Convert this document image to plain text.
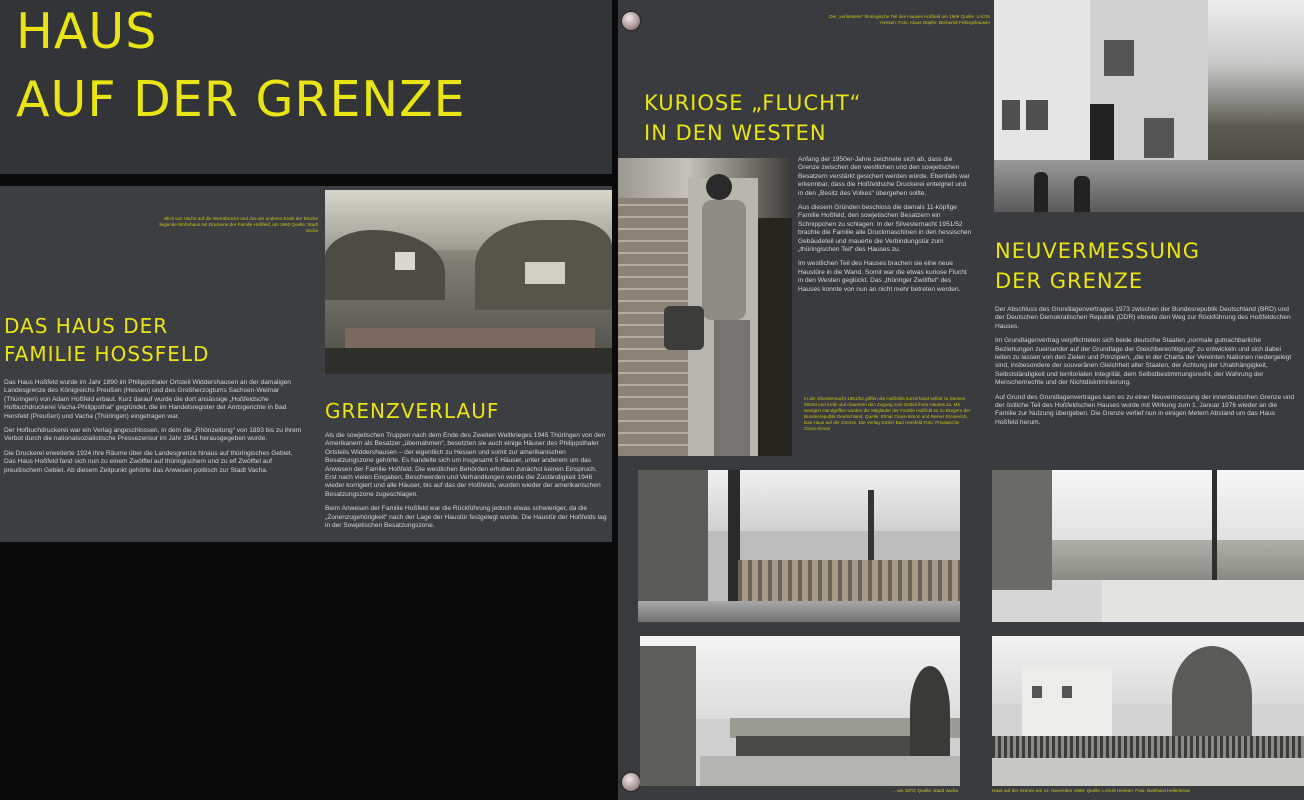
HAUS
AUF DER GRENZE
Blick von Vacha auf die Werrabrücke und das am anderen Ende der Brücke liegende Wohnhaus mit Druckerei der Familie Hoßfeld, um 1960 Quelle: Stadt Vacha
DAS HAUS DER
FAMILIE HOSSFELD

Das Haus Hoßfeld wurde im Jahr 1890 im Philippsthaler Ortsteil Widdershausen an der damaligen Landesgrenze des Königreichs Preußen (Hessen) und des Großherzogtums Sachsen-Weimar (Thüringen) von Adam Hoßfeld erbaut. Kurz darauf wurde die dort ansässige „Hoßfeldsche Hofbuchdruckerei Vacha-Philippsthal“ gegründet, die im Handelsregister der Amtsgerichte in Bad Hersfeld (Preußen) und Vacha (Thüringen) eingetragen war.

Der Hofbuchdruckerei war ein Verlag angeschlossen, in dem die „Rhönzeitung“ von 1893 bis zu ihrem Verbot durch die nationalsozialistische Pressezensur im Jahr 1941 herausgegeben wurde.

Die Druckerei erweiterte 1924 ihre Räume über die Landesgrenze hinaus auf thüringisches Gebiet. Das Haus Hoßfeld fand sich nun zu einem Zwölftel auf thüringischem und zu elf Zwölftel auf preußischem Gebiet. Ab diesem Zeitpunkt gehörte das Anwesen politisch zur Stadt Vacha.

GRENZVERLAUF

Als die sowjetischen Truppen nach dem Ende des Zweiten Weltkrieges 1945 Thüringen von den Amerikanern als Besatzer „übernahmen“, besetzten sie auch einige Häuser des Philippsthaler Ortsteils Widdershausen – der eigentlich zu Hessen und somit zur amerikanischen Besatzungszone gehörte. Es handelte sich um insgesamt 5 Häuser, unter anderem um das Anwesen der Familie Hoßfeld. Die westlichen Behörden erhoben zunächst keinen Einspruch. Erst nach vielen Eingaben, Beschwerden und Verhandlungen wurde die Zuständigkeit 1946 wieder korrigiert und alle Häuser, bis auf das der Hoßfelds, wurden wieder der amerikanischen Besatzungszone zugeschlagen.

Beim Anwesen der Familie Hoßfeld war die Rückführung jedoch etwas schwieriger, da die „Zonenzugehörigkeit“ nach der Lage der Haustür festgelegt wurde. Die Haustür der Hoßfelds lag in der Sowjetischen Besatzungszone.

Der „verlassene“ thüringische Teil des Hauses Hoßfeld um 1969 Quelle: LAGIS Hessen; Foto: Klaus Düpfer, Bürbertal-Fellingshausen
KURIOSE „FLUCHT“
IN DEN WESTEN

Anfang der 1950er-Jahre zeichnete sich ab, dass die Grenze zwischen den westlichen und den sowjetischen Besatzern verstärkt gesichert werden würde. Ebenfalls war erkennbar, dass die Hoßfeldsche Druckerei enteignet und in den „Besitz des Volkes“ übergehen sollte.

Aus diesem Gründen beschloss die damals 11-köpfige Familie Hoßfeld, den sowjetischen Besatzern ein Schnippchen zu schlagen: In der Silvesternacht 1951/52 brachte die Familie alle Druckmaschinen in den hessischen Gebäudeteil und mauerte die Verbindungstür zum „thüringischen Teil“ des Hauses zu.

Im westlichen Teil des Hauses brachen sie eine neue Haustüre in die Wand. Somit war die etwas kuriose Flucht in den Westen geglückt. Das „thüringer Zwölftel“ des Hauses konnte von nun an nicht mehr betreten werden.

In der Silvesternacht 1951/52 griffen die Hoßfelds kurzerhand selbst zu Steinen, Mörtel und Kelle und mauerten den Zugang zum Ostteil ihres Hauses zu. Mit wenigen Handgriffen wurden die Mitglieder der Familie Hoßfeld so zu Bürgern der Bundesrepublik Deutschland. Quelle: Elmar Cloos-Simon und Reiner Ernmerich, Das Haus auf der Grenze, Die Verlag GmbH Bad Hersfeld Foto: Privatarchiv Cloos-Simon
NEUVERMESSUNG
DER GRENZE

Der Abschluss des Grundlagenvertrages 1973 zwischen der Bundesrepublik Deutschland (BRD) und der Deutschen Demokratischen Republik (DDR) ebnete den Weg zur Rückführung des Hoßfeldschen Hauses.

Im Grundlagenvertrag verpflichteten sich beide deutsche Staaten „normale gutnachbarliche Beziehungen zueinander auf der Grundlage der Gleichberechtigung“ zu entwickeln und sich dabei leiten zu lassen von den Zielen und Prinzipien, „die in der Charta der Vereinten Nationen niedergelegt sind, insbesondere der souveränen Gleichheit aller Staaten, der Achtung der Unabhängigkeit, Selbstständigkeit und territorialen Integrität, dem Selbstbestimmungsrecht, der Wahrung der Menschenrechte und der Nichtdiskriminierung.

Auf Grund des Grundlagenvertrages kam es zu einer Neuvermessung der innerdeutschen Grenze und der östliche Teil des Hoßfeldschen Hauses wurde mit Wirkung zum 1. Januar 1976 wieder an die Familie zur Nutzung übergeben. Die Grenze verlief nun in einigen Metern Abstand um das Haus Hoßfeld herum.

... um 1970; Quelle: Stadt Vacha	Haus auf der Grenze am 12. November 1989; Quelle: LAGIS Hessen; Foto: Burkhard Hellerstrow
